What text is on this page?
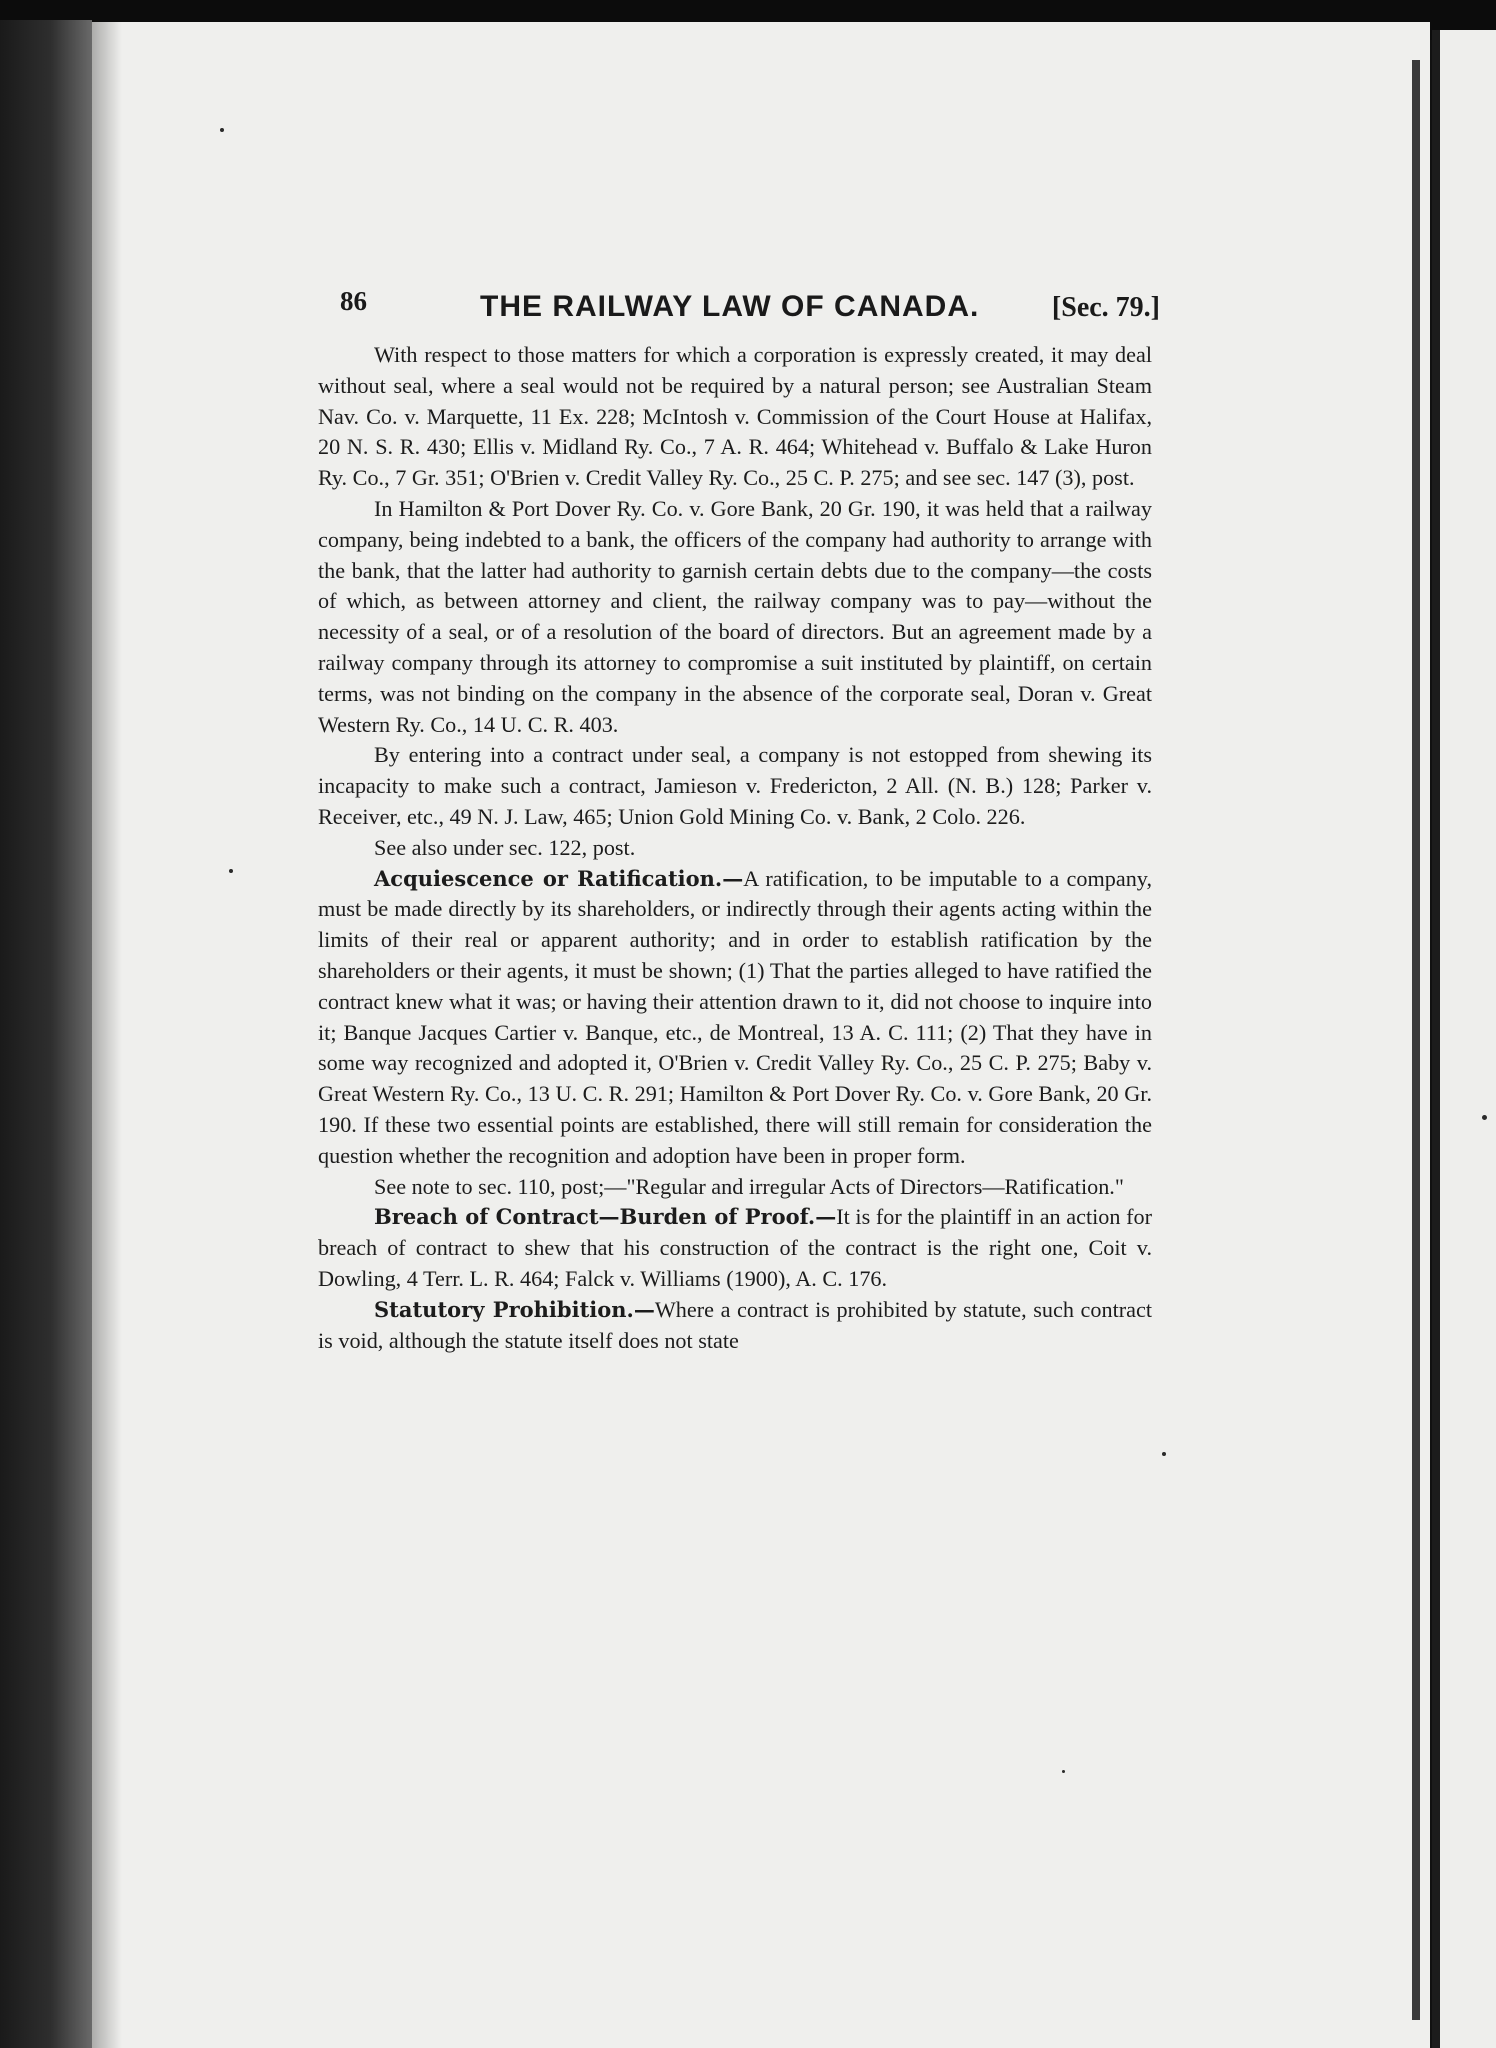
86	THE RAILWAY LAW OF CANADA.	[Sec. 79.]

With respect to those matters for which a corporation is expressly created, it may deal without seal, where a seal would not be required by a natural person; see Australian Steam Nav. Co. v. Marquette, 11 Ex. 228; McIntosh v. Commission of the Court House at Halifax, 20 N. S. R. 430; Ellis v. Midland Ry. Co., 7 A. R. 464; Whitehead v. Buffalo & Lake Huron Ry. Co., 7 Gr. 351; O'Brien v. Credit Valley Ry. Co., 25 C. P. 275; and see sec. 147 (3), post.

In Hamilton & Port Dover Ry. Co. v. Gore Bank, 20 Gr. 190, it was held that a railway company, being indebted to a bank, the officers of the company had authority to arrange with the bank, that the latter had authority to garnish certain debts due to the company—the costs of which, as between attorney and client, the railway company was to pay—without the necessity of a seal, or of a resolution of the board of directors. But an agreement made by a railway company through its attorney to compromise a suit instituted by plaintiff, on certain terms, was not binding on the company in the absence of the corporate seal, Doran v. Great Western Ry. Co., 14 U. C. R. 403.

By entering into a contract under seal, a company is not estopped from shewing its incapacity to make such a contract, Jamieson v. Fredericton, 2 All. (N. B.) 128; Parker v. Receiver, etc., 49 N. J. Law, 465; Union Gold Mining Co. v. Bank, 2 Colo. 226.

See also under sec. 122, post.

Acquiescence or Ratification.—A ratification, to be imputable to a company, must be made directly by its shareholders, or indirectly through their agents acting within the limits of their real or apparent authority; and in order to establish ratification by the shareholders or their agents, it must be shown; (1) That the parties alleged to have ratified the contract knew what it was; or having their attention drawn to it, did not choose to inquire into it; Banque Jacques Cartier v. Banque, etc., de Montreal, 13 A. C. 111; (2) That they have in some way recognized and adopted it, O'Brien v. Credit Valley Ry. Co., 25 C. P. 275; Baby v. Great Western Ry. Co., 13 U. C. R. 291; Hamilton & Port Dover Ry. Co. v. Gore Bank, 20 Gr. 190. If these two essential points are established, there will still remain for consideration the question whether the recognition and adoption have been in proper form.

See note to sec. 110, post;—"Regular and irregular Acts of Directors—Ratification."

Breach of Contract—Burden of Proof.—It is for the plaintiff in an action for breach of contract to shew that his construction of the contract is the right one, Coit v. Dowling, 4 Terr. L. R. 464; Falck v. Williams (1900), A. C. 176.

Statutory Prohibition.—Where a contract is prohibited by statute, such contract is void, although the statute itself does not state
